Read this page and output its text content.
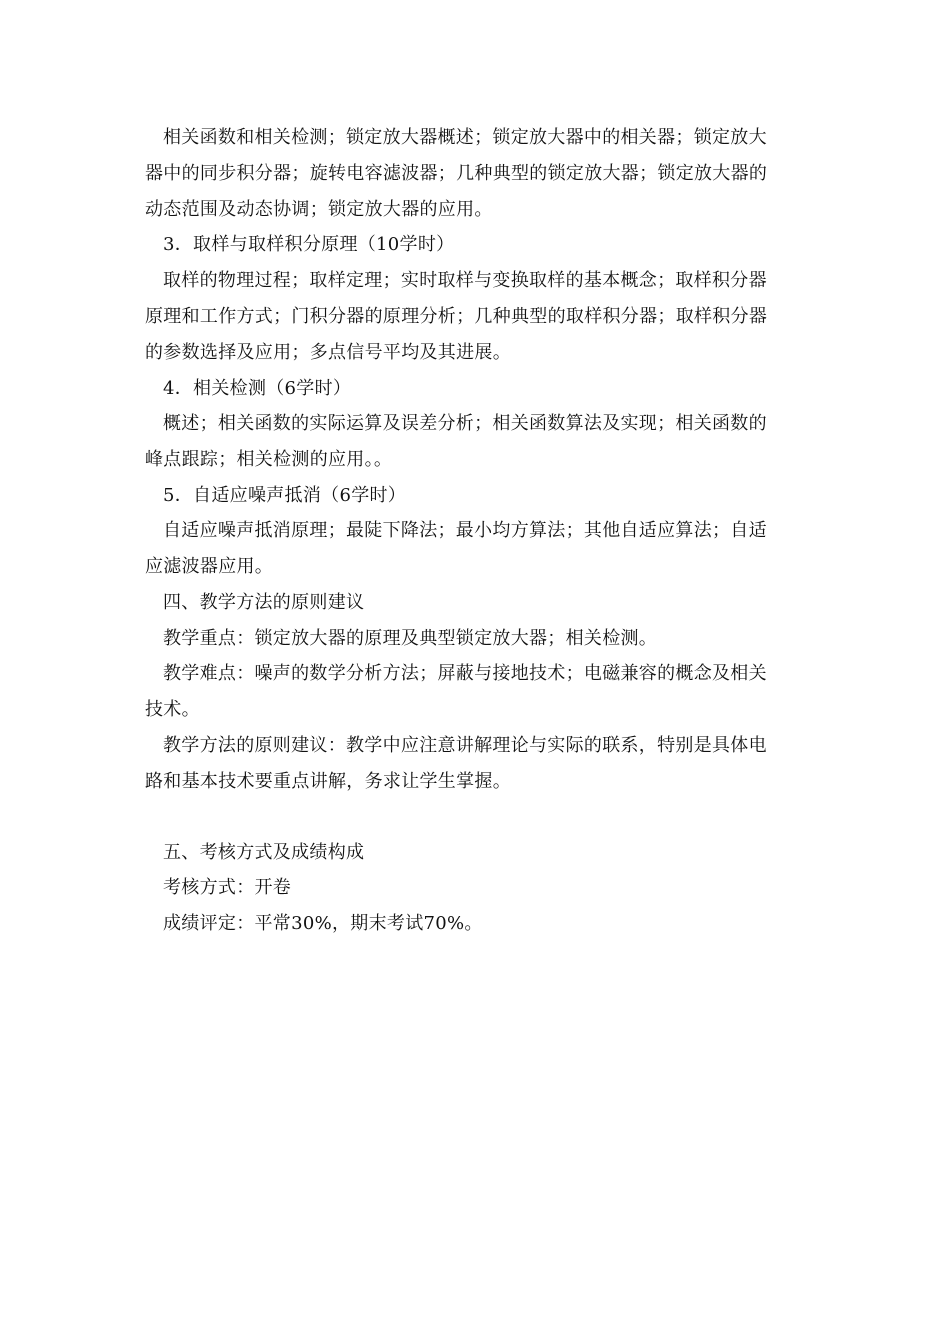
相关函数和相关检测；锁定放大器概述；锁定放大器中的相关器；锁定放大
器中的同步积分器；旋转电容滤波器；几种典型的锁定放大器；锁定放大器的
动态范围及动态协调；锁定放大器的应用。
3．取样与取样积分原理（10学时）
取样的物理过程；取样定理；实时取样与变换取样的基本概念；取样积分器
原理和工作方式；门积分器的原理分析；几种典型的取样积分器；取样积分器
的参数选择及应用；多点信号平均及其进展。
4．相关检测（6学时）
概述；相关函数的实际运算及误差分析；相关函数算法及实现；相关函数的
峰点跟踪；相关检测的应用。。
5．自适应噪声抵消（6学时）
自适应噪声抵消原理；最陡下降法；最小均方算法；其他自适应算法；自适
应滤波器应用。
四、教学方法的原则建议
教学重点：锁定放大器的原理及典型锁定放大器；相关检测。
教学难点：噪声的数学分析方法；屏蔽与接地技术；电磁兼容的概念及相关
技术。
教学方法的原则建议：教学中应注意讲解理论与实际的联系，特别是具体电
路和基本技术要重点讲解，务求让学生掌握。
五、考核方式及成绩构成
考核方式：开卷
成绩评定：平常30%，期末考试70%。
